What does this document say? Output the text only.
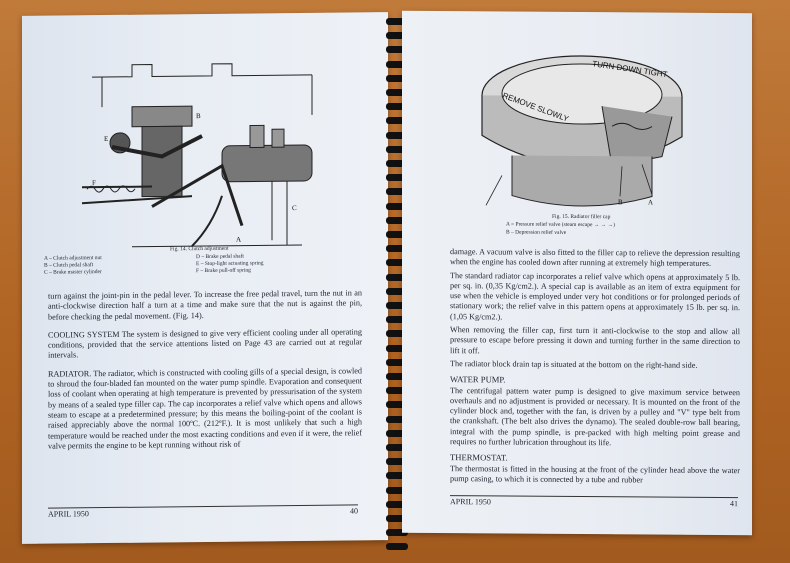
A
B
C
E
F
Fig. 14. Clutch adjustment
A – Clutch adjustment nut	D – Brake pedal shaft
B – Clutch pedal shaft	E – Stop-light actuating spring
C – Brake master cylinder	F – Brake pull-off spring

turn against the joint-pin in the pedal lever. To increase the free pedal travel, turn the nut in an anti-clockwise direction half a turn at a time and make sure that the nut is against the pin, before checking the pedal movement. (Fig. 14).

COOLING SYSTEM The system is designed to give very efficient cooling under all operating conditions, provided that the service attentions listed on Page 43 are carried out at regular intervals.

RADIATOR. The radiator, which is constructed with cooling gills of a special design, is cowled to shroud the four-bladed fan mounted on the water pump spindle. Evaporation and consequent loss of coolant when operating at high temperature is prevented by pressurisation of the system by means of a sealed type filler cap. The cap incorporates a relief valve which opens and allows steam to escape at a predetermined pressure; by this means the boiling-point of the coolant is raised appreciably above the normal 100ºC. (212ºF.). It is most unlikely that such a high temperature would be reached under the most exacting conditions and even if it were, the relief valve permits the engine to be kept running without risk of

APRIL 1950	40
TURN DOWN TIGHT
REMOVE SLOWLY
A
B
Fig. 15. Radiator filler cap
A = Pressure relief valve (steam escape → → →)
B – Depression relief valve

damage. A vacuum valve is also fitted to the filler cap to relieve the depression resulting when the engine has cooled down after running at extremely high temperatures.

The standard radiator cap incorporates a relief valve which opens at approximately 5 lb. per sq. in. (0,35 Kg/cm2.). A special cap is available as an item of extra equipment for use when the vehicle is employed under very hot conditions or for prolonged periods of stationary work; the relief valve in this pattern opens at approximately 15 lb. per sq. in. (1,05 Kg/cm2.).

When removing the filler cap, first turn it anti-clockwise to the stop and allow all pressure to escape before pressing it down and turning further in the same direction to lift it off.

The radiator block drain tap is situated at the bottom on the right-hand side.

WATER PUMP.

The centrifugal pattern water pump is designed to give maximum service between overhauls and no adjustment is provided or necessary. It is mounted on the front of the cylinder block and, together with the fan, is driven by a pulley and "V" type belt from the crankshaft. (The belt also drives the dynamo). The sealed double-row ball bearing, integral with the pump spindle, is pre-packed with high melting point grease and requires no further lubrication throughout its life.

THERMOSTAT.

The thermostat is fitted in the housing at the front of the cylinder head above the water pump casing, to which it is connected by a tube and rubber

APRIL 1950	41
